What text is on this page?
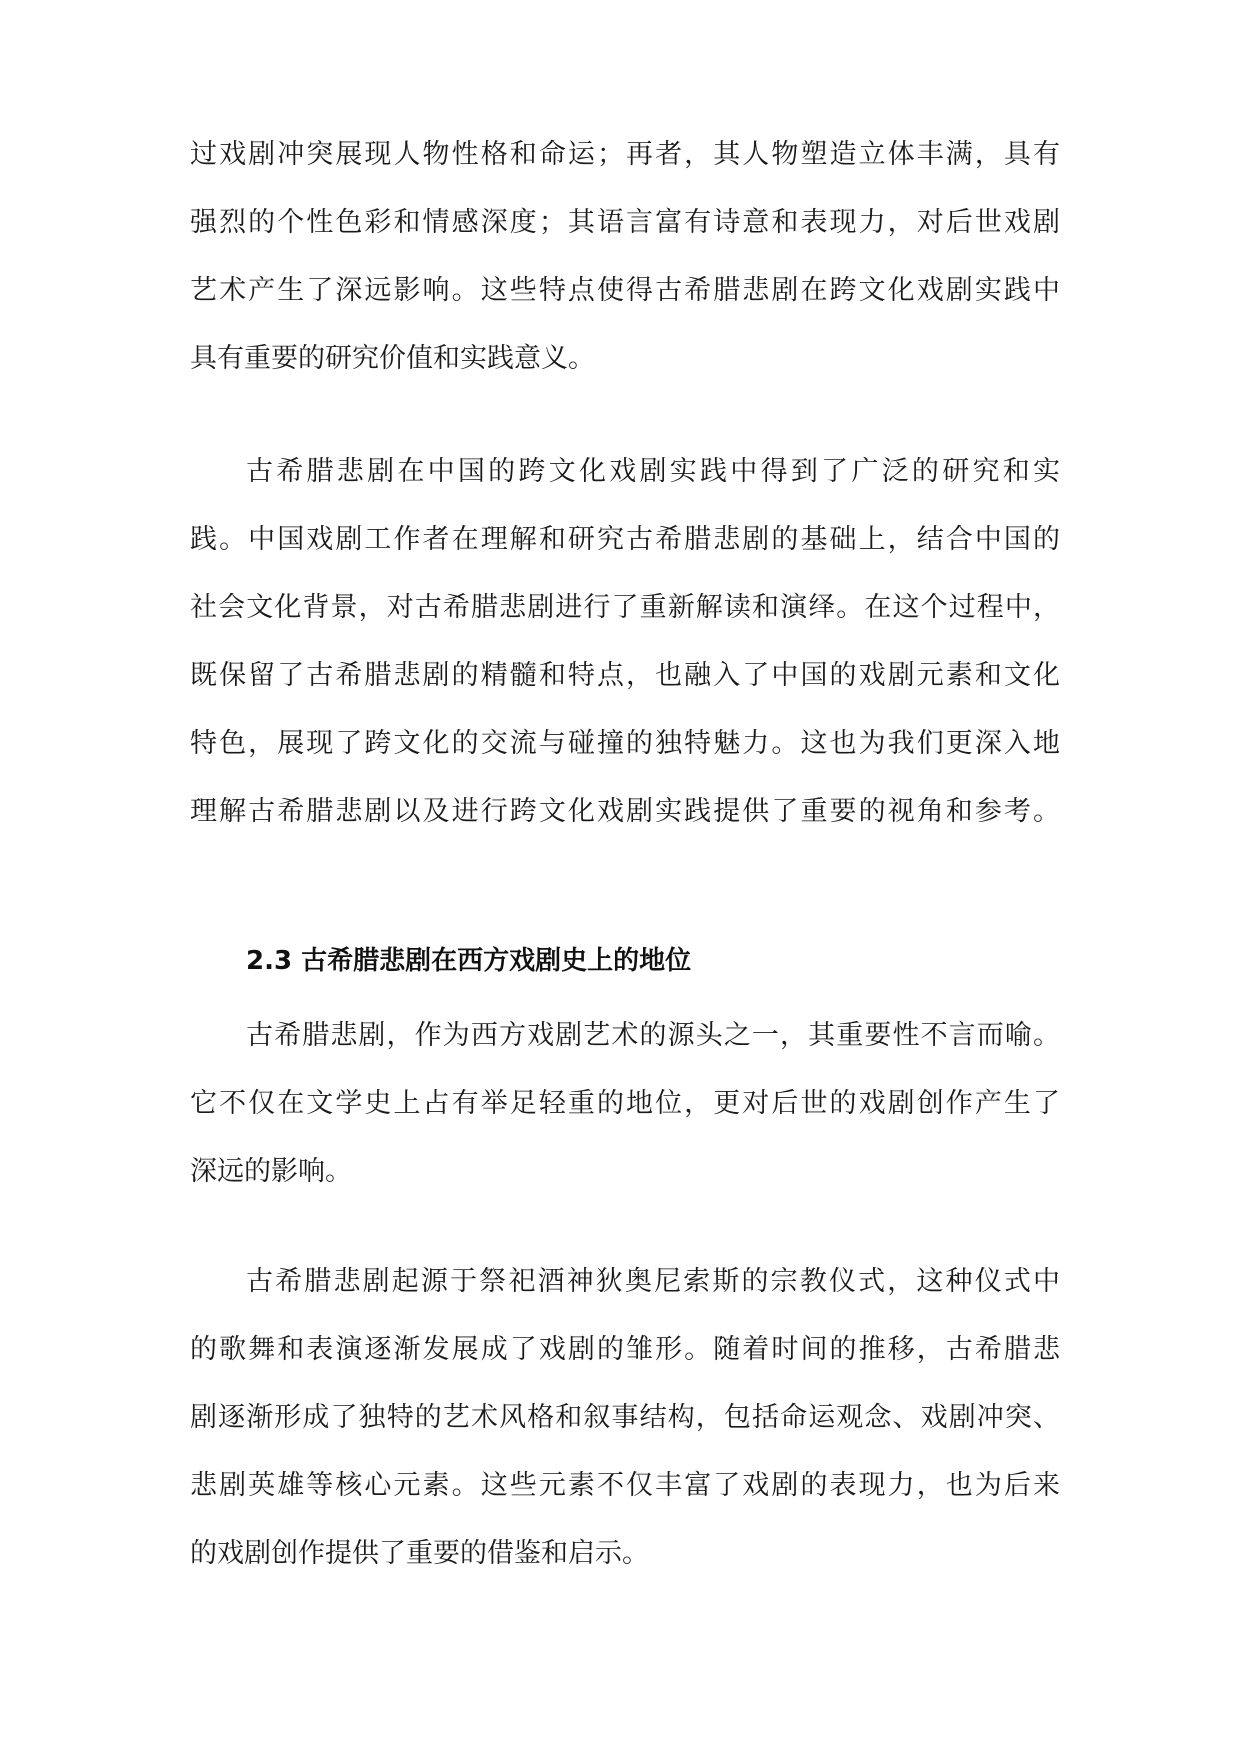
过戏剧冲突展现人物性格和命运；再者，其人物塑造立体丰满，具有
强烈的个性色彩和情感深度；其语言富有诗意和表现力，对后世戏剧
艺术产生了深远影响。这些特点使得古希腊悲剧在跨文化戏剧实践中
具有重要的研究价值和实践意义。
古希腊悲剧在中国的跨文化戏剧实践中得到了广泛的研究和实
践。中国戏剧工作者在理解和研究古希腊悲剧的基础上，结合中国的
社会文化背景，对古希腊悲剧进行了重新解读和演绎。在这个过程中，
既保留了古希腊悲剧的精髓和特点，也融入了中国的戏剧元素和文化
特色，展现了跨文化的交流与碰撞的独特魅力。这也为我们更深入地
理解古希腊悲剧以及进行跨文化戏剧实践提供了重要的视角和参考。
2.3 古希腊悲剧在西方戏剧史上的地位
古希腊悲剧，作为西方戏剧艺术的源头之一，其重要性不言而喻。
它不仅在文学史上占有举足轻重的地位，更对后世的戏剧创作产生了
深远的影响。
古希腊悲剧起源于祭祀酒神狄奥尼索斯的宗教仪式，这种仪式中
的歌舞和表演逐渐发展成了戏剧的雏形。随着时间的推移，古希腊悲
剧逐渐形成了独特的艺术风格和叙事结构，包括命运观念、戏剧冲突、
悲剧英雄等核心元素。这些元素不仅丰富了戏剧的表现力，也为后来
的戏剧创作提供了重要的借鉴和启示。
